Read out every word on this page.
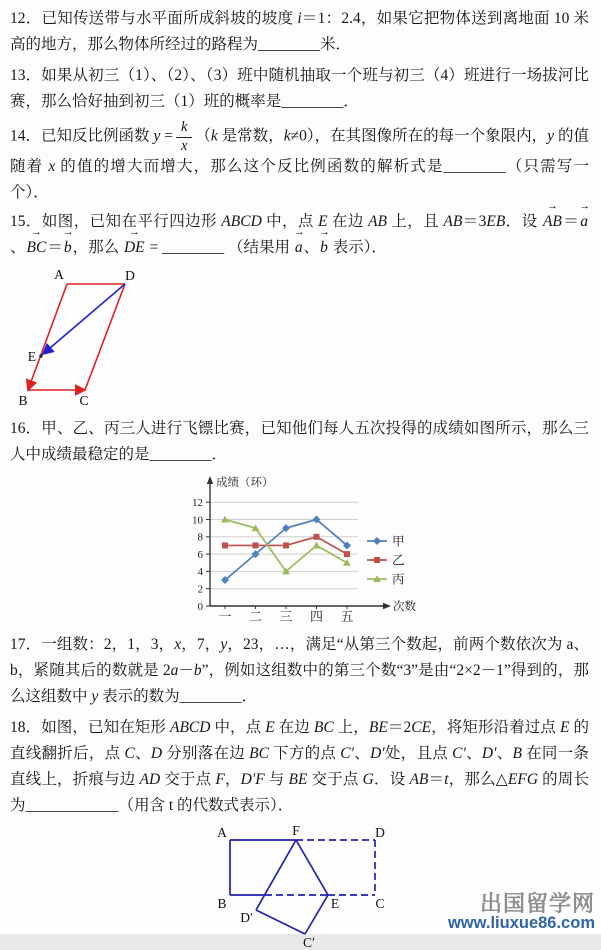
12．已知传送带与水平面所成斜坡的坡度 i＝1：2.4，如果它把物体送到离地面 10 米高的地方，那么物体所经过的路程为________米．

13．如果从初三（1）、（2）、（3）班中随机抽取一个班与初三（4）班进行一场拔河比赛，那么恰好抽到初三（1）班的概率是________．

14．已知反比例函数 $y = \frac{k}{x} (k$ 是常数，k≠0），在其图像所在的每一个象限内，y 的值随着 x 的值的增大而增大，那么这个反比例函数的解析式是________（只需写一个）．

15．如图，已知在平行四边形 ABCD 中，点 E 在边 AB 上，且 AB＝3EB．设 → AB＝→ a、→ BC＝→ b，那么 → DE = ________ （结果用 → a、→ b 表示）．

A	D
B	C
E

16．甲、乙、丙三人进行飞镖比赛，已知他们每人五次投得的成绩如图所示，那么三人中成绩最稳定的是________．

0
2
4
6
8
10
12
一 二 三 四 五
成绩（环）
次数
甲
乙
丙

17．一组数：2，1，3，x，7，y，23，…，满足“从第三个数起，前两个数依次为 a、b，紧随其后的数就是 2a－b”，例如这组数中的第三个数“3”是由“2×2－1”得到的，那么这组数中 y 表示的数为________．

18．如图，已知在矩形 ABCD 中，点 E 在边 BC 上，BE＝2CE，将矩形沿着过点 E 的直线翻折后，点 C、D 分别落在边 BC 下方的点 C′、D′处，且点 C′、D′、B 在同一条直线上，折痕与边 AD 交于点 F，D′F 与 BE 交于点 G．设 AB＝t，那么△EFG 的周长为____________（用含 t 的代数式表示）．

A	F	D
B	E	C
D′
C′
出国留学网
www.liuxue86.com
